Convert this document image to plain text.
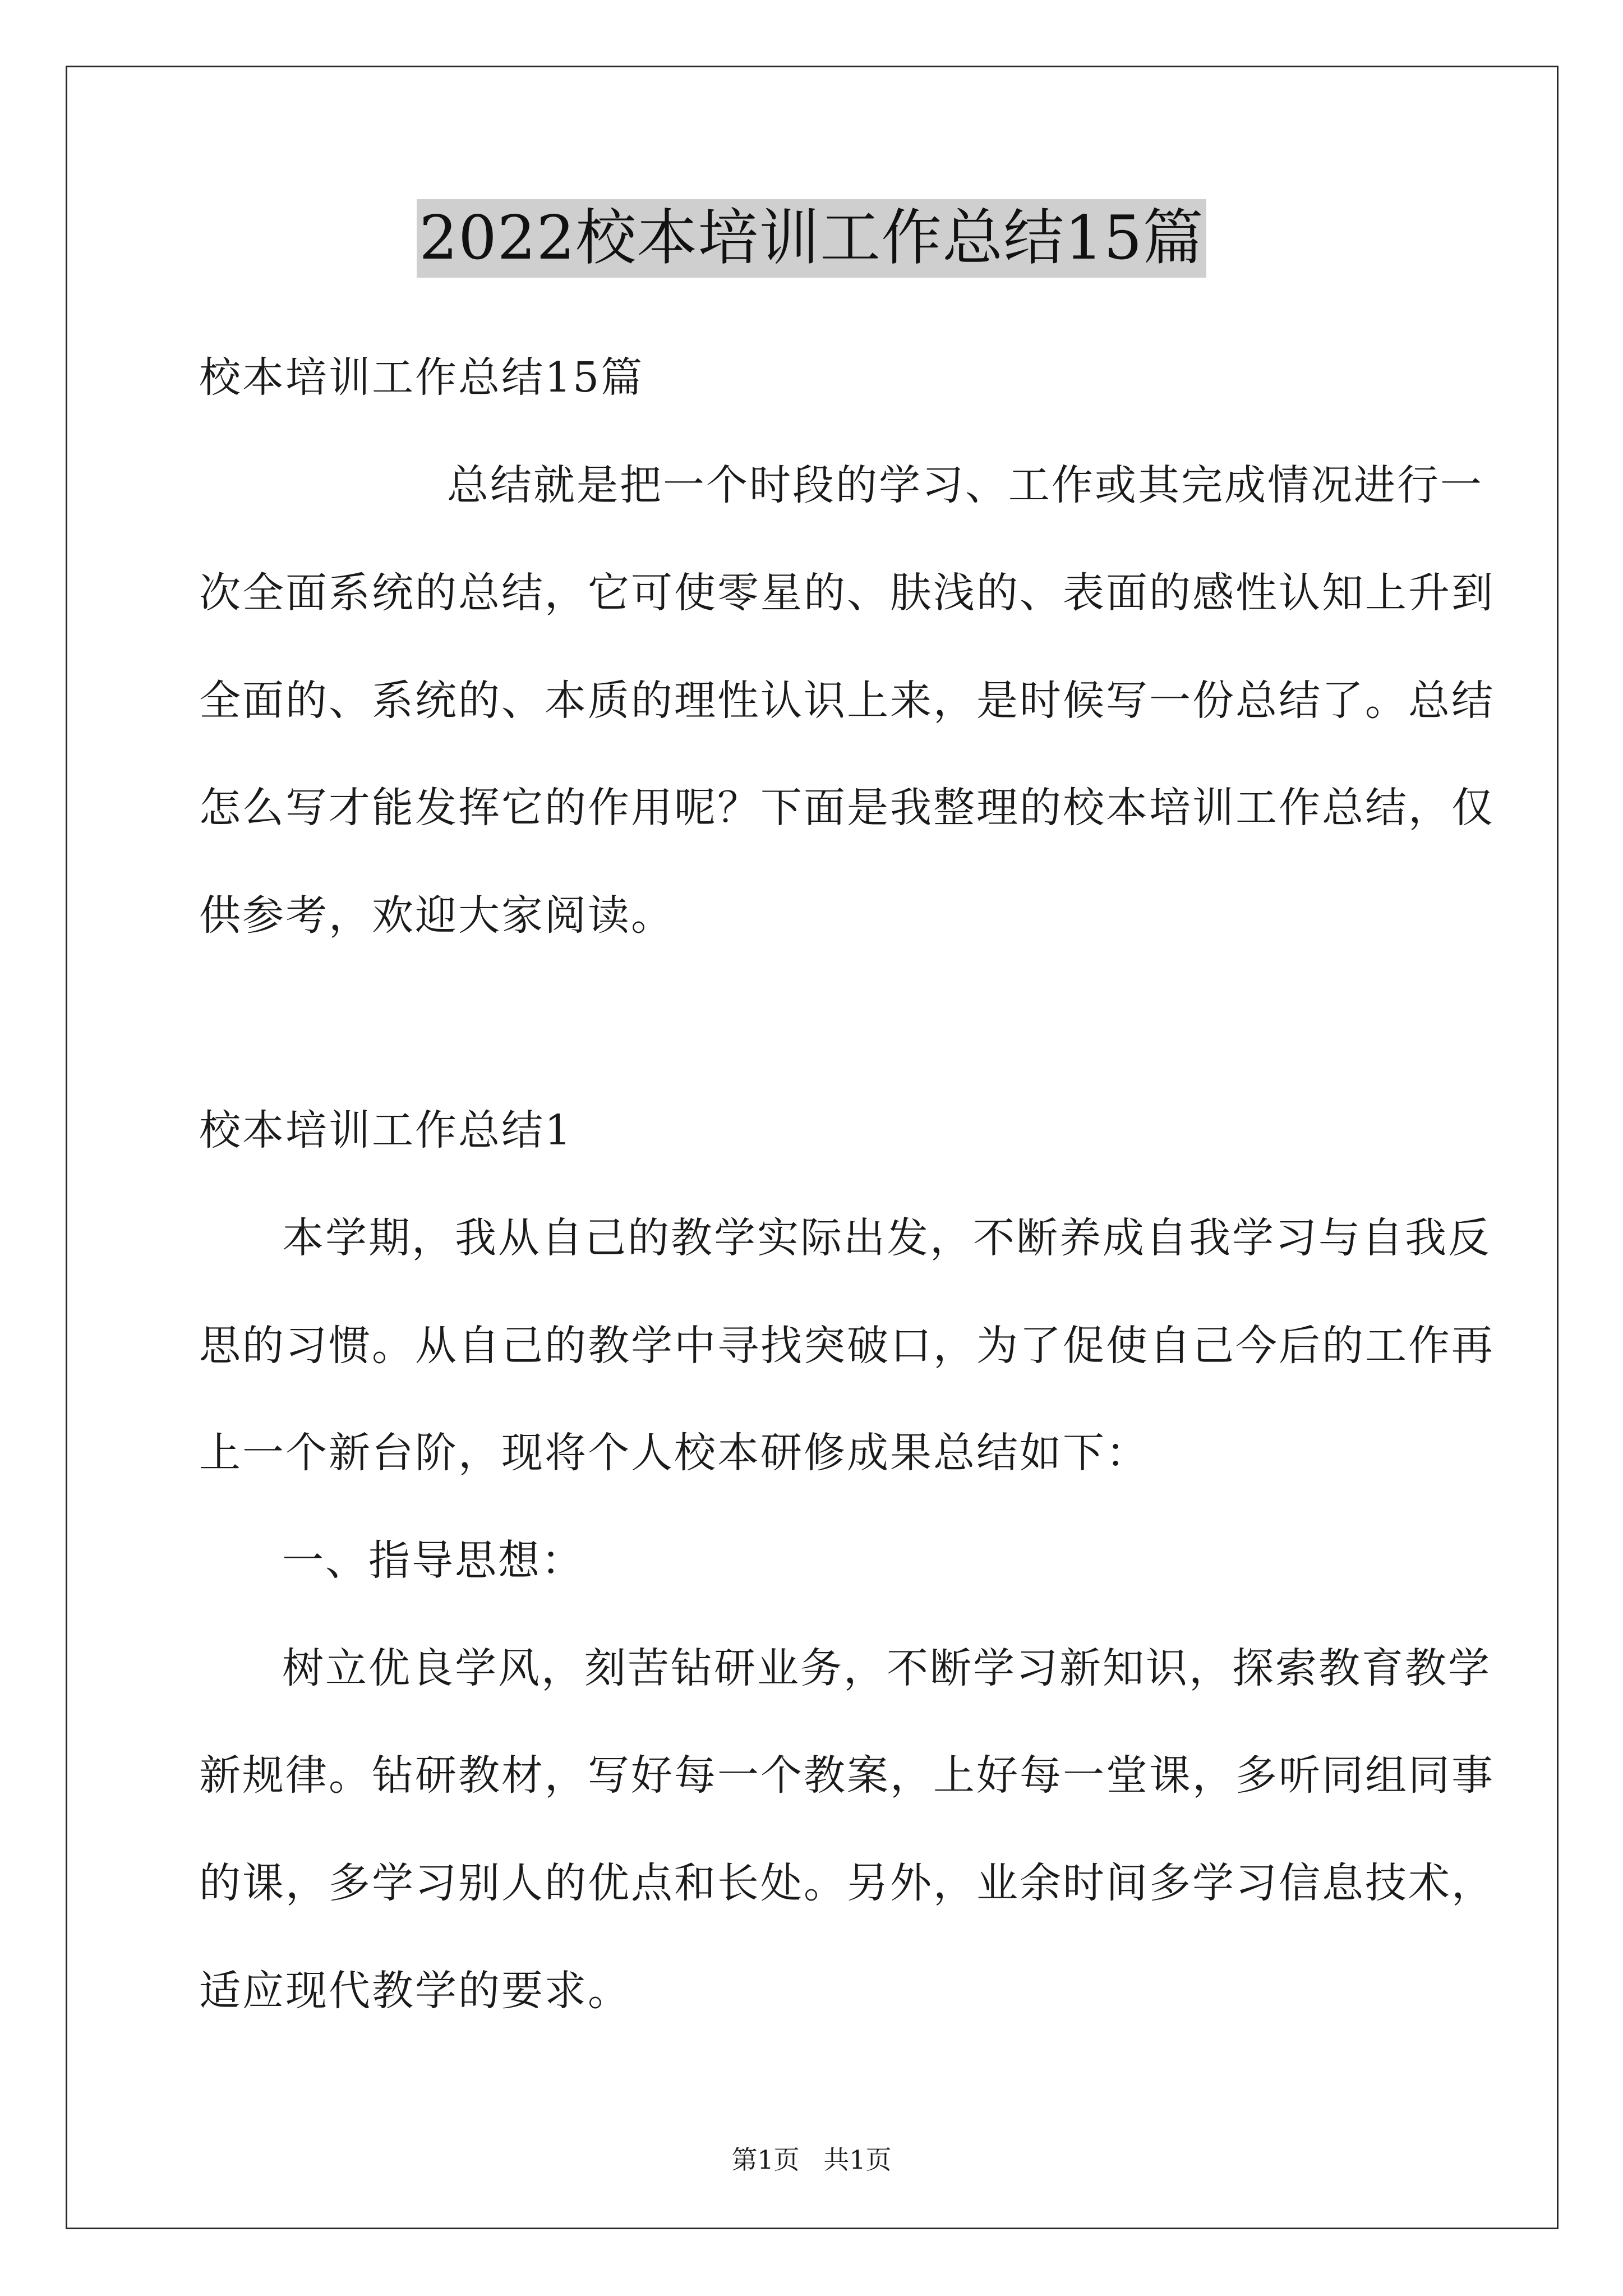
2022校本培训工作总结15篇
校本培训工作总结15篇
总结就是把一个时段的学习、工作或其完成情况进行一
次全面系统的总结，它可使零星的、肤浅的、表面的感性认知上升到
全面的、系统的、本质的理性认识上来，是时候写一份总结了。总结
怎么写才能发挥它的作用呢？下面是我整理的校本培训工作总结，仅
供参考，欢迎大家阅读。
校本培训工作总结1
本学期，我从自己的教学实际出发，不断养成自我学习与自我反
思的习惯。从自己的教学中寻找突破口，为了促使自己今后的工作再
上一个新台阶，现将个人校本研修成果总结如下：
一、指导思想：
树立优良学风，刻苦钻研业务，不断学习新知识，探索教育教学
新规律。钻研教材，写好每一个教案，上好每一堂课，多听同组同事
的课，多学习别人的优点和长处。另外，业余时间多学习信息技术，
适应现代教学的要求。
第1页 共1页
